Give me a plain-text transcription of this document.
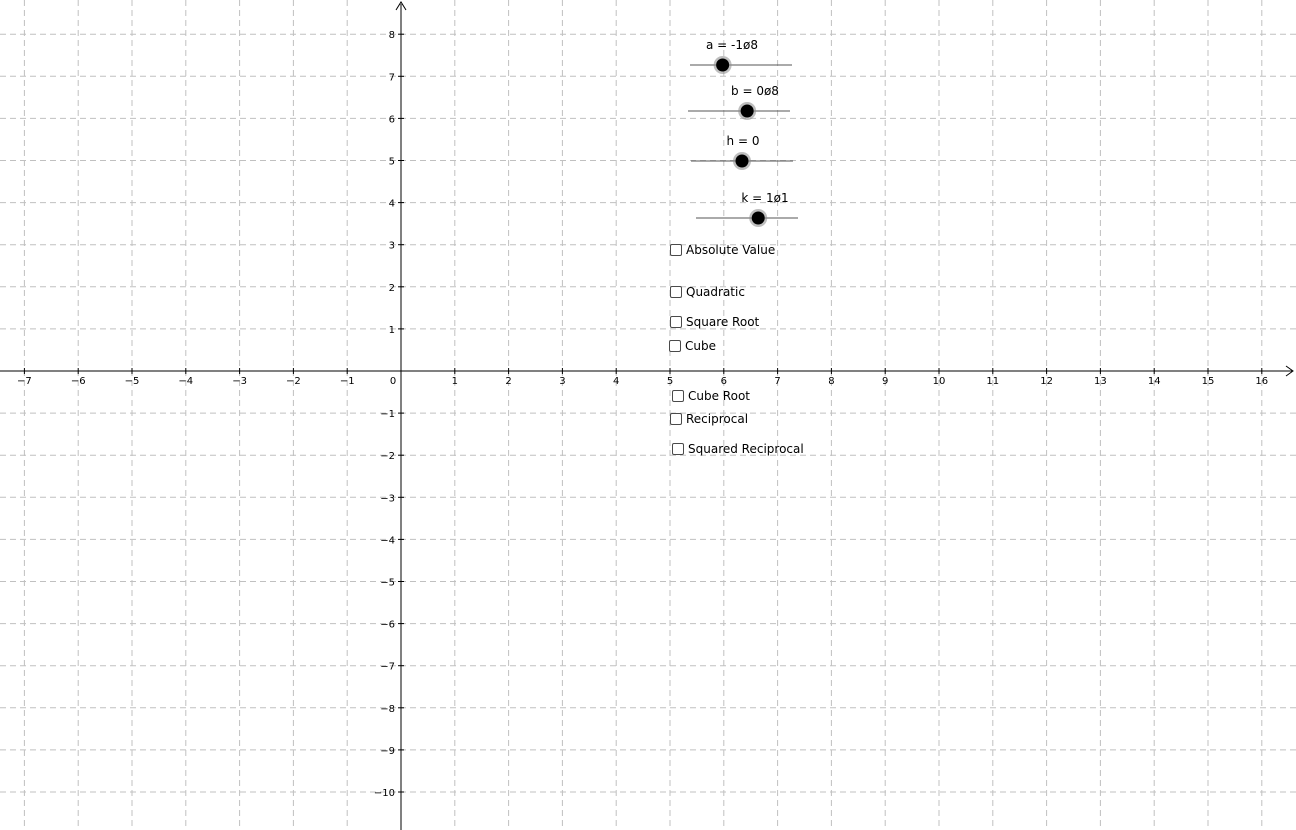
−7	−6	−5	−4	−3	−2	−1	0	1	2	3	4	5	6	7	8	9	10	11	12	13	14	15	16
−10
−9
−8
−7
−6
−5
−4
−3
−2
−1
1
2
3
4
5
6
7
8
a = -1ø8
b = 0ø8
h = 0
k = 1ø1
Absolute Value
Quadratic
Square Root
Cube
Cube Root
Reciprocal
Squared Reciprocal
